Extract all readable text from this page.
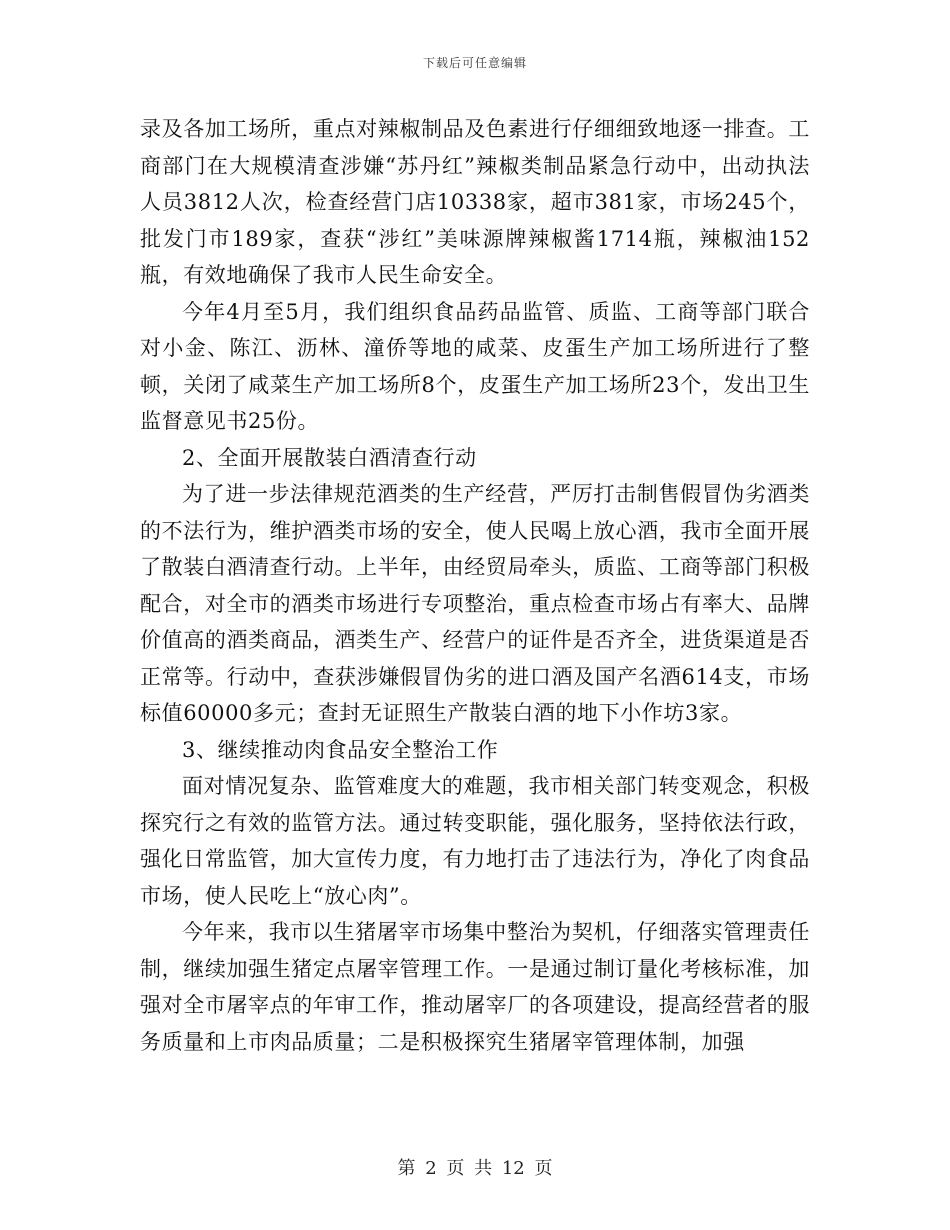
下载后可任意编辑

录及各加工场所，重点对辣椒制品及色素进行仔细细致地逐一排查。工商部门在大规模清查涉嫌“苏丹红”辣椒类制品紧急行动中，出动执法人员3812人次，检查经营门店10338家，超市381家，市场245个，批发门市189家，查获“涉红”美味源牌辣椒酱1714瓶，辣椒油152瓶，有效地确保了我市人民生命安全。

今年4月至5月，我们组织食品药品监管、质监、工商等部门联合对小金、陈江、沥林、潼侨等地的咸菜、皮蛋生产加工场所进行了整顿，关闭了咸菜生产加工场所8个，皮蛋生产加工场所23个，发出卫生监督意见书25份。

2、全面开展散装白酒清查行动

为了进一步法律规范酒类的生产经营，严厉打击制售假冒伪劣酒类的不法行为，维护酒类市场的安全，使人民喝上放心酒，我市全面开展了散装白酒清查行动。上半年，由经贸局牵头，质监、工商等部门积极配合，对全市的酒类市场进行专项整治，重点检查市场占有率大、品牌价值高的酒类商品，酒类生产、经营户的证件是否齐全，进货渠道是否正常等。行动中，查获涉嫌假冒伪劣的进口酒及国产名酒614支，市场标值60000多元；查封无证照生产散装白酒的地下小作坊3家。

3、继续推动肉食品安全整治工作

面对情况复杂、监管难度大的难题，我市相关部门转变观念，积极探究行之有效的监管方法。通过转变职能，强化服务，坚持依法行政，强化日常监管，加大宣传力度，有力地打击了违法行为，净化了肉食品市场，使人民吃上“放心肉”。

今年来，我市以生猪屠宰市场集中整治为契机，仔细落实管理责任制，继续加强生猪定点屠宰管理工作。一是通过制订量化考核标准，加强对全市屠宰点的年审工作，推动屠宰厂的各项建设，提高经营者的服务质量和上市肉品质量；二是积极探究生猪屠宰管理体制，加强

第 2 页 共 12 页
